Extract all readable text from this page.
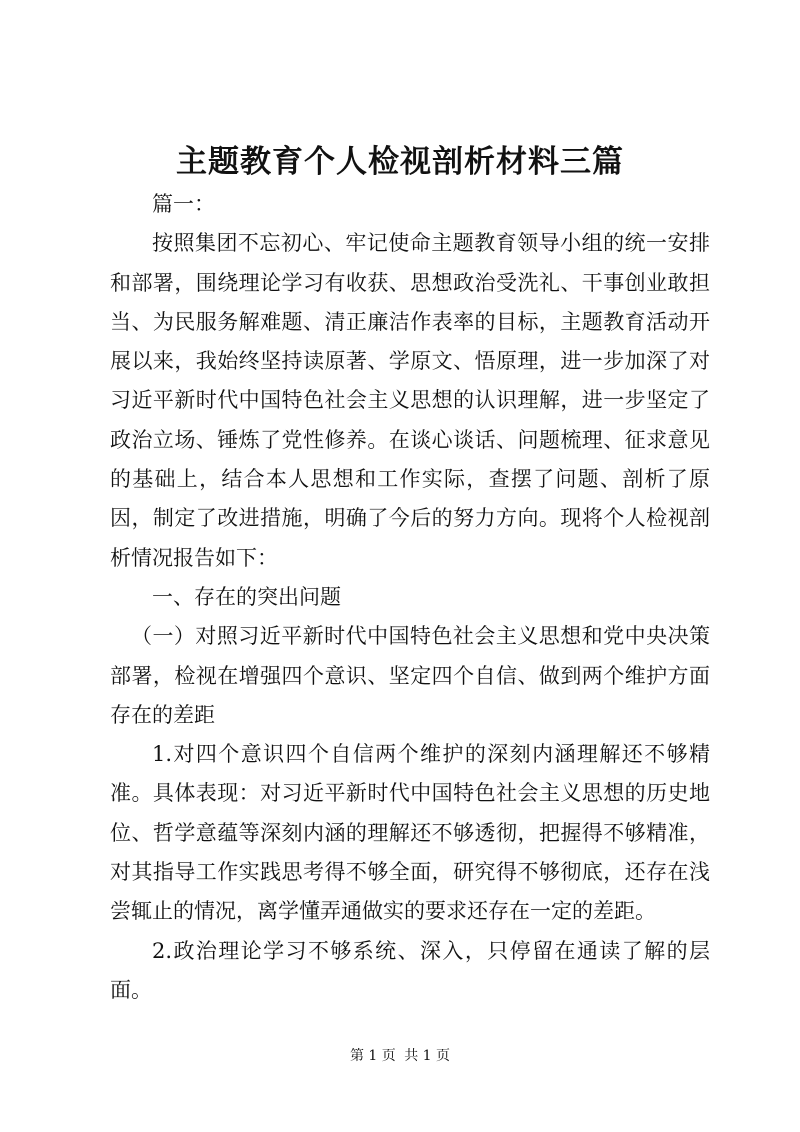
主题教育个人检视剖析材料三篇

篇一：

按照集团不忘初心、牢记使命主题教育领导小组的统一安排和部署，围绕理论学习有收获、思想政治受洗礼、干事创业敢担当、为民服务解难题、清正廉洁作表率的目标，主题教育活动开展以来，我始终坚持读原著、学原文、悟原理，进一步加深了对习近平新时代中国特色社会主义思想的认识理解，进一步坚定了政治立场、锤炼了党性修养。在谈心谈话、问题梳理、征求意见的基础上，结合本人思想和工作实际，查摆了问题、剖析了原因，制定了改进措施，明确了今后的努力方向。现将个人检视剖析情况报告如下：

一、存在的突出问题

（一）对照习近平新时代中国特色社会主义思想和党中央决策部署，检视在增强四个意识、坚定四个自信、做到两个维护方面存在的差距

1.对四个意识四个自信两个维护的深刻内涵理解还不够精准。具体表现：对习近平新时代中国特色社会主义思想的历史地位、哲学意蕴等深刻内涵的理解还不够透彻，把握得不够精准，对其指导工作实践思考得不够全面，研究得不够彻底，还存在浅尝辄止的情况，离学懂弄通做实的要求还存在一定的差距。

2.政治理论学习不够系统、深入，只停留在通读了解的层面。

第 1 页 共 1 页
